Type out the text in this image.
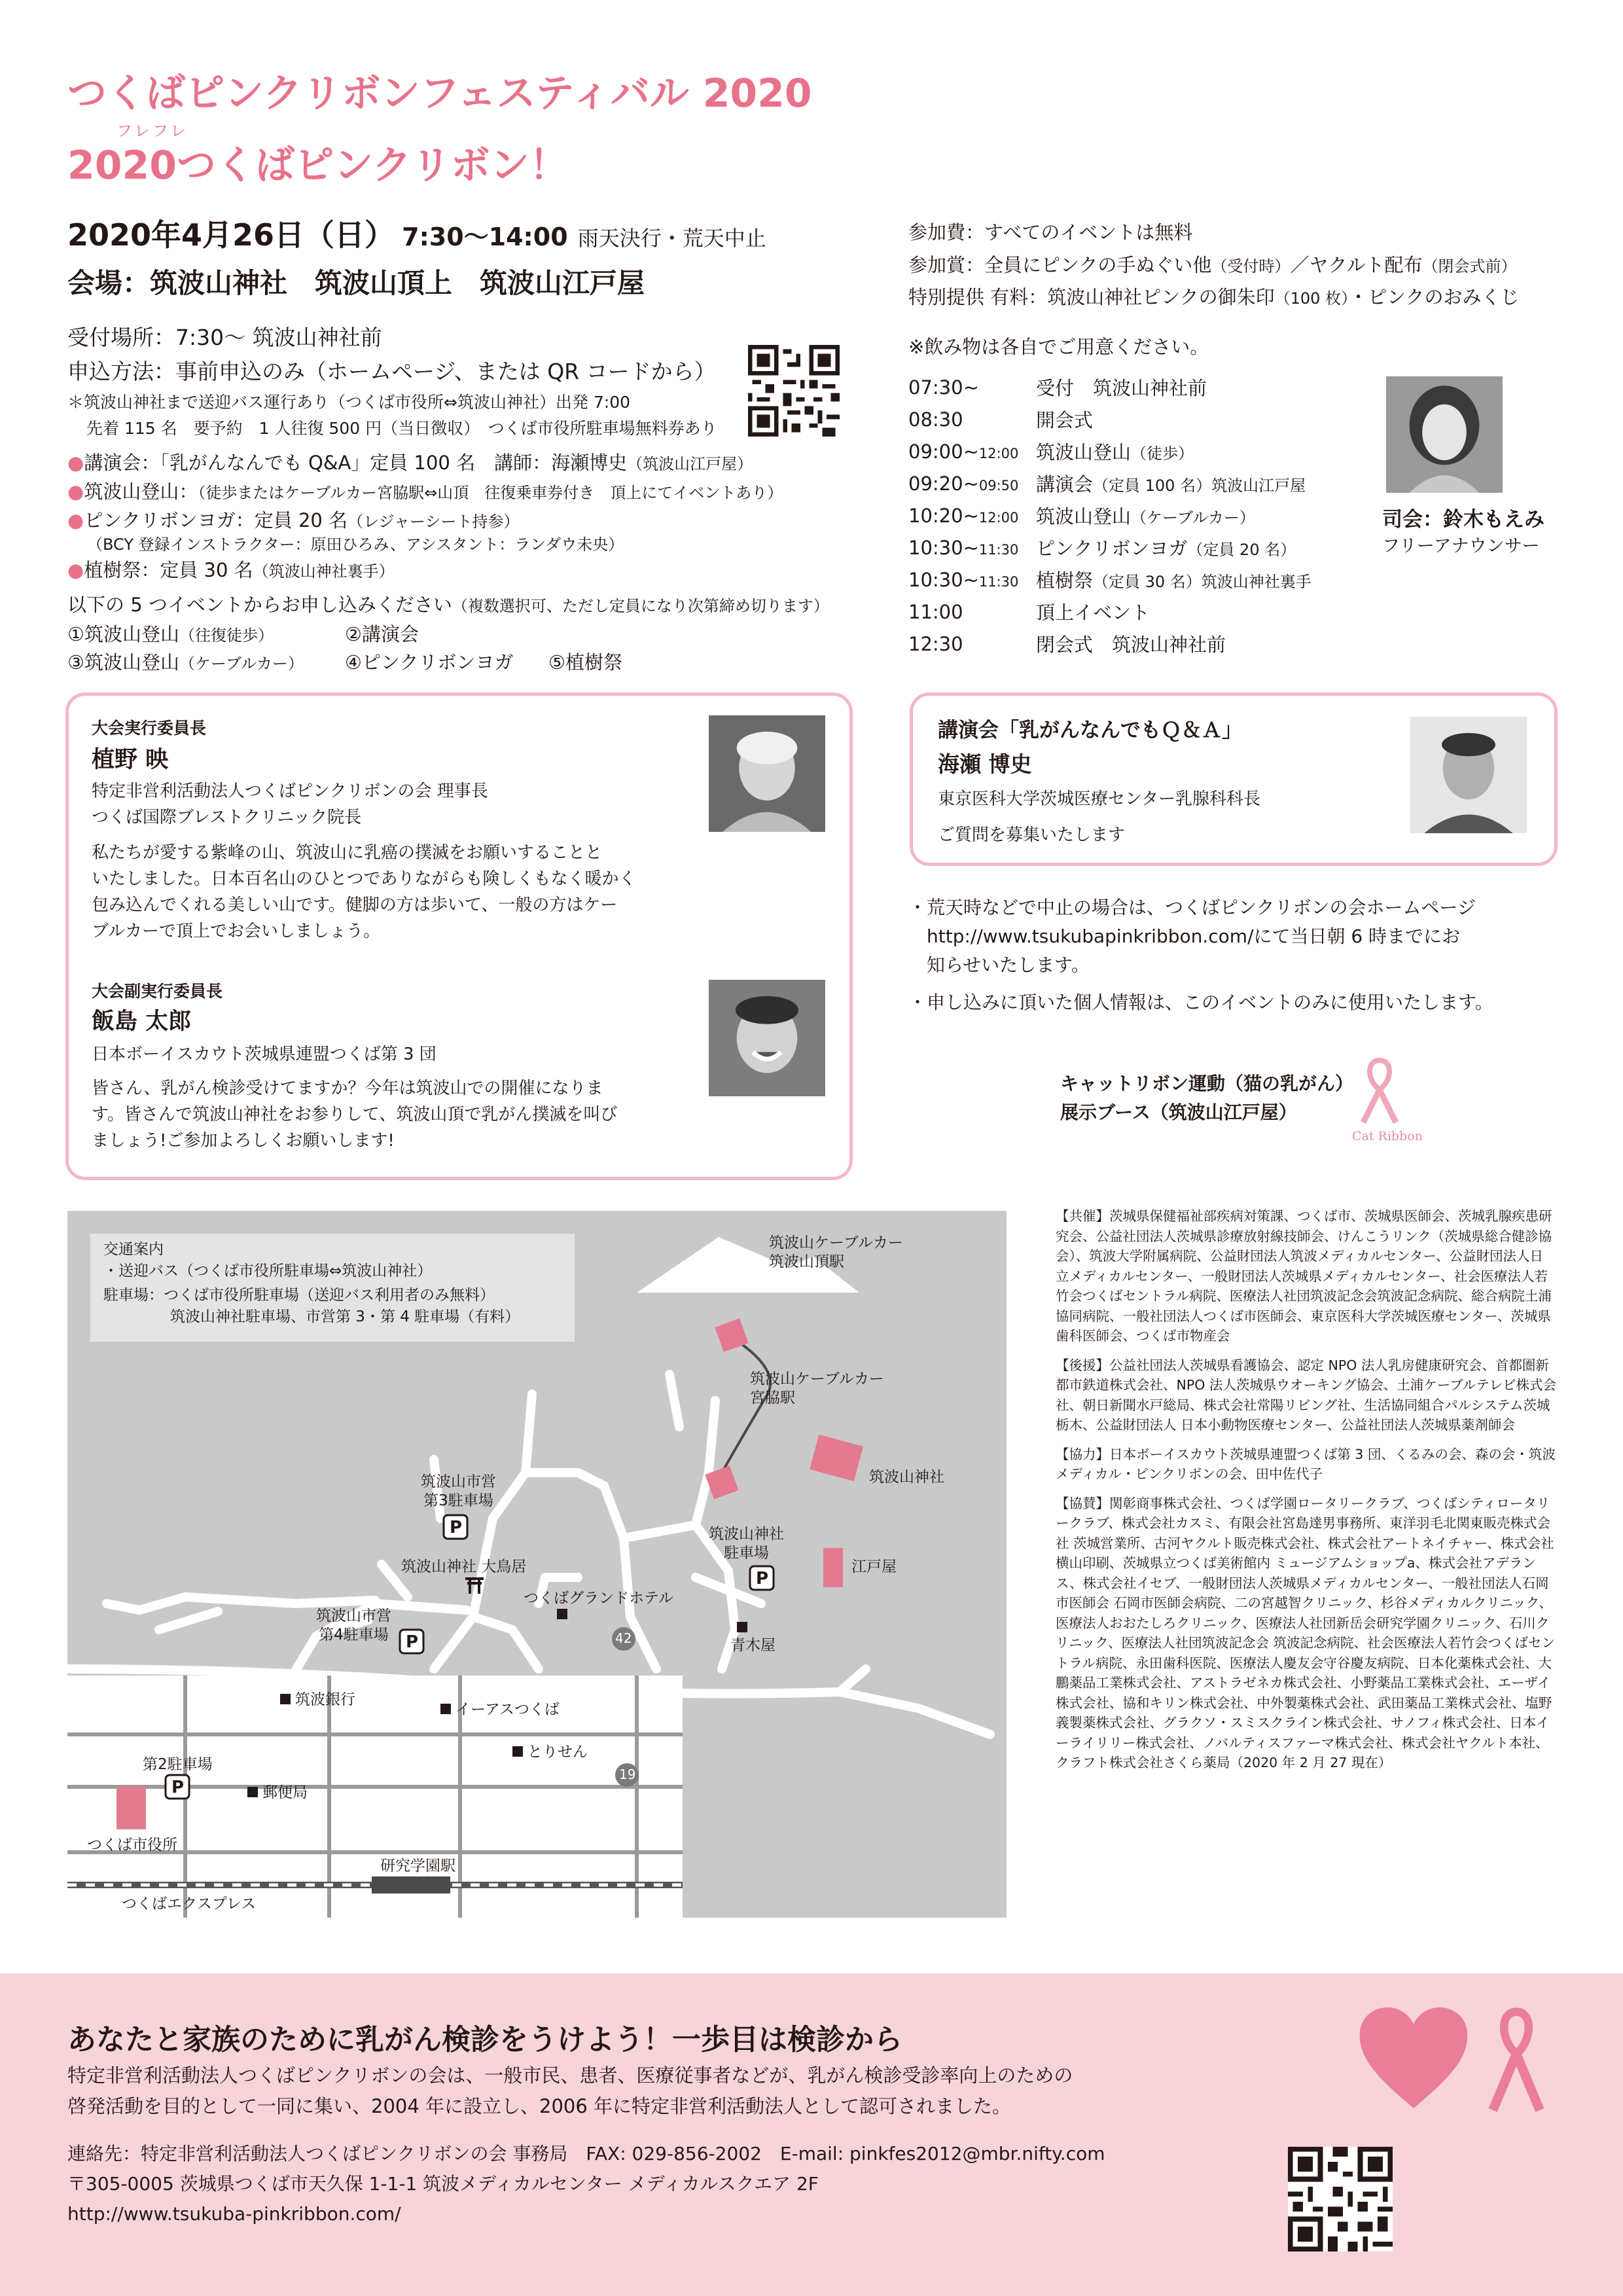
つくばピンクリボンフェスティバル 2020
フレフレ
2020つくばピンクリボン！
2020年4月26日（日） 7:30～14:00 雨天決行・荒天中止
会場：筑波山神社　筑波山頂上　筑波山江戸屋
受付場所：7:30～ 筑波山神社前
申込方法：事前申込のみ（ホームページ、または QR コードから）
＊筑波山神社まで送迎バス運行あり（つくば市役所⇔筑波山神社）出発 7:00
先着 115 名　要予約　1 人往復 500 円（当日徴収）　つくば市役所駐車場無料券あり
●講演会：「乳がんなんでも Q&A」定員 100 名　講師：海瀬博史（筑波山江戸屋）
●筑波山登山：（徒歩またはケーブルカー宮脇駅⇔山頂　往復乗車券付き　頂上にてイベントあり）
●ピンクリボンヨガ：定員 20 名（レジャーシート持参）
（BCY 登録インストラクター：原田ひろみ、アシスタント：ランダウ未央）
●植樹祭：定員 30 名（筑波山神社裏手）
以下の 5 つイベントからお申し込みください（複数選択可、ただし定員になり次第締め切ります）
①筑波山登山（往復徒歩）	②講演会
③筑波山登山（ケーブルカー） ④ピンクリボンヨガ ⑤植樹祭
参加費：すべてのイベントは無料
参加賞：全員にピンクの手ぬぐい他（受付時）／ヤクルト配布（閉会式前）
特別提供 有料：筑波山神社ピンクの御朱印（100 枚）・ピンクのおみくじ
※飲み物は各自でご用意ください。
07:30~	受付　筑波山神社前
08:30	開会式
09:00~12:00	筑波山登山（徒歩）
09:20~09:50	講演会（定員 100 名）筑波山江戸屋
10:20~12:00	筑波山登山（ケーブルカー）
10:30~11:30	ピンクリボンヨガ（定員 20 名）
10:30~11:30	植樹祭（定員 30 名）筑波山神社裏手
11:00	頂上イベント
12:30	閉会式　筑波山神社前
司会：鈴木もえみ
フリーアナウンサー
大会実行委員長
植野 映
特定非営利活動法人つくばピンクリボンの会 理事長
つくば国際ブレストクリニック院長
私たちが愛する紫峰の山、筑波山に乳癌の撲滅をお願いすることと
いたしました。日本百名山のひとつでありながらも険しくもなく暖かく
包み込んでくれる美しい山です。健脚の方は歩いて、一般の方はケー
ブルカーで頂上でお会いしましょう。
大会副実行委員長
飯島 太郎
日本ボーイスカウト茨城県連盟つくば第 3 団
皆さん、乳がん検診受けてますか？今年は筑波山での開催になりま
す。皆さんで筑波山神社をお参りして、筑波山頂で乳がん撲滅を叫び
ましょう!ご参加よろしくお願いします!
講演会「乳がんなんでもＱ＆Ａ」
海瀬 博史
東京医科大学茨城医療センター乳腺科科長
ご質問を募集いたします
・荒天時などで中止の場合は、つくばピンクリボンの会ホームページ
http://www.tsukubapinkribbon.com/にて当日朝 6 時までにお
知らせいたします。
・申し込みに頂いた個人情報は、このイベントのみに使用いたします。
キャットリボン運動（猫の乳がん）
展示ブース（筑波山江戸屋）
Cat Ribbon
交通案内
・送迎バス（つくば市役所駐車場⇔筑波山神社）
駐車場：つくば市役所駐車場（送迎バス利用者のみ無料）
筑波山神社駐車場、市営第 3・第 4 駐車場（有料）
筑波山ケーブルカー
筑波山頂駅
筑波山ケーブルカー
宮脇駅
筑波山神社
江戸屋
筑波山市営
第3駐車場
筑波山神社
駐車場
筑波山神社 大鳥居
つくばグランドホテル
筑波山市営
第4駐車場
青木屋
42
19
P
P
P
P
筑波銀行
イーアスつくば
とりせん
第2駐車場
郵便局
つくば市役所
研究学園駅
つくばエクスプレス
【共催】茨城県保健福祉部疾病対策課、つくば市、茨城県医師会、茨城乳腺疾患研究会、公益社団法人茨城県診療放射線技師会、けんこうリンク（茨城県総合健診協会）、筑波大学附属病院、公益財団法人筑波メディカルセンター、公益財団法人日立メディカルセンター、一般財団法人茨城県メディカルセンター、社会医療法人若竹会つくばセントラル病院、医療法人社団筑波記念会筑波記念病院、総合病院土浦協同病院、一般社団法人つくば市医師会、東京医科大学茨城医療センター、茨城県歯科医師会、つくば市物産会
【後援】公益社団法人茨城県看護協会、認定 NPO 法人乳房健康研究会、首都圏新都市鉄道株式会社、NPO 法人茨城県ウオーキング協会、土浦ケーブルテレビ株式会社、朝日新聞水戸総局、株式会社常陽リビング社、生活協同組合パルシステム茨城 栃木、公益財団法人 日本小動物医療センター、公益社団法人茨城県薬剤師会
【協力】日本ボーイスカウト茨城県連盟つくば第 3 団、くるみの会、森の会・筑波メディカル・ピンクリボンの会、田中佐代子
【協賛】関彰商事株式会社、つくば学園ロータリークラブ、つくばシティロータリークラブ、株式会社カスミ、有限会社宮島達男事務所、東洋羽毛北関東販売株式会社 茨城営業所、古河ヤクルト販売株式会社、株式会社アートネイチャー、株式会社横山印刷、茨城県立つくば美術館内 ミュージアムショップa、株式会社アデランス、株式会社イセブ、一般財団法人茨城県メディカルセンター、一般社団法人石岡市医師会 石岡市医師会病院、二の宮越智クリニック、杉谷メディカルクリニック、医療法人おおたしろクリニック、医療法人社団新岳会研究学園クリニック、石川クリニック、医療法人社団筑波記念会 筑波記念病院、社会医療法人若竹会つくばセントラル病院、永田歯科医院、医療法人慶友会守谷慶友病院、日本化薬株式会社、大鵬薬品工業株式会社、アストラゼネカ株式会社、小野薬品工業株式会社、エーザイ株式会社、協和キリン株式会社、中外製薬株式会社、武田薬品工業株式会社、塩野義製薬株式会社、グラクソ・スミスクライン株式会社、サノフィ株式会社、日本イーライリリー株式会社、ノバルティスファーマ株式会社、株式会社ヤクルト本社、クラフト株式会社さくら薬局（2020 年 2 月 27 現在）
あなたと家族のために乳がん検診をうけよう！一歩目は検診から
特定非営利活動法人つくばピンクリボンの会は、一般市民、患者、医療従事者などが、乳がん検診受診率向上のための
啓発活動を目的として一同に集い、2004 年に設立し、2006 年に特定非営利活動法人として認可されました。
連絡先：特定非営利活動法人つくばピンクリボンの会 事務局　FAX: 029-856-2002　E-mail: pinkfes2012@mbr.nifty.com
〒305-0005 茨城県つくば市天久保 1-1-1 筑波メディカルセンター メディカルスクエア 2F
http://www.tsukuba-pinkribbon.com/
